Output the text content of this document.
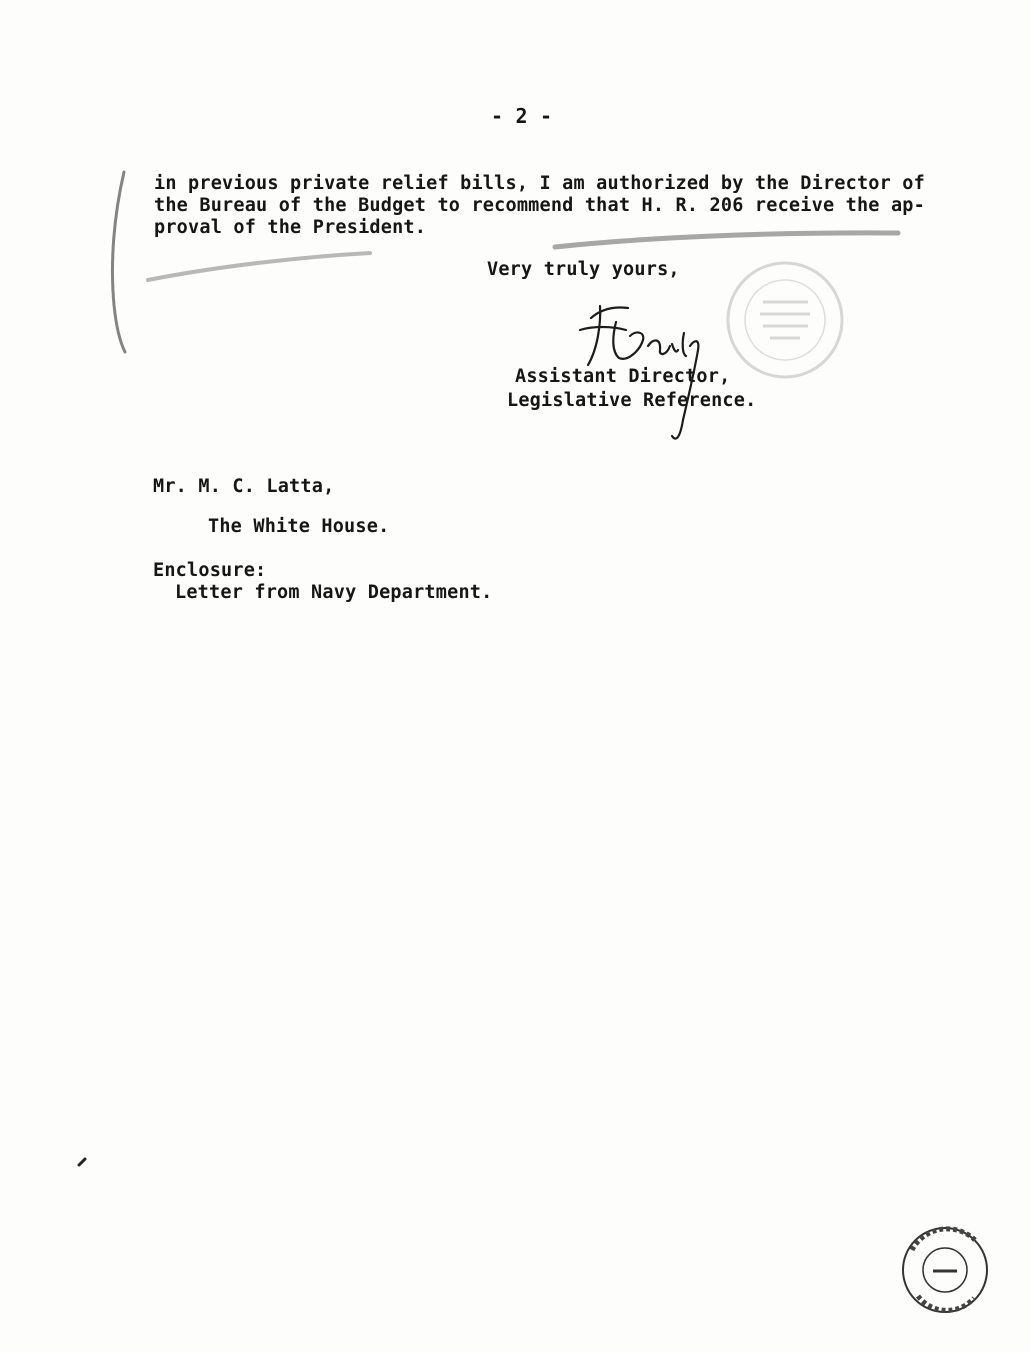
- 2 -
in previous private relief bills, I am authorized by the Director of
the Bureau of the Budget to recommend that H. R. 206 receive the ap-
proval of the President.
Very truly yours,
Assistant Director,
Legislative Reference.
Mr. M. C. Latta,
The White House.
Enclosure:
Letter from Navy Department.
